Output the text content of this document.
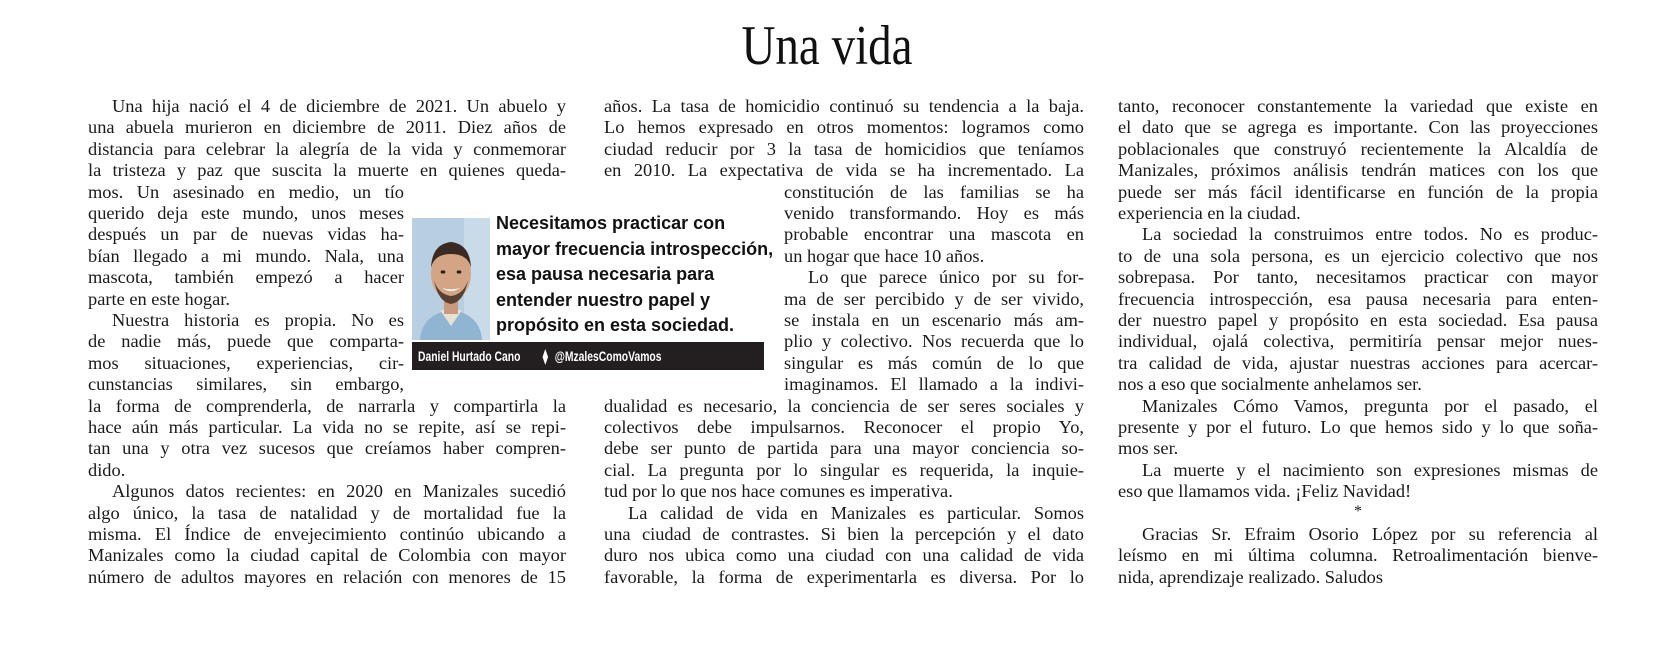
Una vida
Una hija nació el 4 de diciembre de 2021. Un abuelo y
una abuela murieron en diciembre de 2011. Diez años de
distancia para celebrar la alegría de la vida y conmemorar
la tristeza y paz que suscita la muerte en quienes queda-
mos. Un asesinado en medio, un tío
querido deja este mundo, unos meses
después un par de nuevas vidas ha-
bían llegado a mi mundo. Nala, una
mascota, también empezó a hacer
parte en este hogar.
Nuestra historia es propia. No es
de nadie más, puede que comparta-
mos situaciones, experiencias, cir-
cunstancias similares, sin embargo,
la forma de comprenderla, de narrarla y compartirla la
hace aún más particular. La vida no se repite, así se repi-
tan una y otra vez sucesos que creíamos haber compren-
dido.
Algunos datos recientes: en 2020 en Manizales sucedió
algo único, la tasa de natalidad y de mortalidad fue la
misma. El Índice de envejecimiento continúo ubicando a
Manizales como la ciudad capital de Colombia con mayor
número de adultos mayores en relación con menores de 15
años. La tasa de homicidio continuó su tendencia a la baja.
Lo hemos expresado en otros momentos: logramos como
ciudad reducir por 3 la tasa de homicidios que teníamos
en 2010. La expectativa de vida se ha incrementado. La
constitución de las familias se ha
venido transformando. Hoy es más
probable encontrar una mascota en
un hogar que hace 10 años.
Lo que parece único por su for-
ma de ser percibido y de ser vivido,
se instala en un escenario más am-
plio y colectivo. Nos recuerda que lo
singular es más común de lo que
imaginamos. El llamado a la indivi-
dualidad es necesario, la conciencia de ser seres sociales y
colectivos debe impulsarnos. Reconocer el propio Yo,
debe ser punto de partida para una mayor conciencia so-
cial. La pregunta por lo singular es requerida, la inquie-
tud por lo que nos hace comunes es imperativa.
La calidad de vida en Manizales es particular. Somos
una ciudad de contrastes. Si bien la percepción y el dato
duro nos ubica como una ciudad con una calidad de vida
favorable, la forma de experimentarla es diversa. Por lo
tanto, reconocer constantemente la variedad que existe en
el dato que se agrega es importante. Con las proyecciones
poblacionales que construyó recientemente la Alcaldía de
Manizales, próximos análisis tendrán matices con los que
puede ser más fácil identificarse en función de la propia
experiencia en la ciudad.
La sociedad la construimos entre todos. No es produc-
to de una sola persona, es un ejercicio colectivo que nos
sobrepasa. Por tanto, necesitamos practicar con mayor
frecuencia introspección, esa pausa necesaria para enten-
der nuestro papel y propósito en esta sociedad. Esa pausa
individual, ojalá colectiva, permitiría pensar mejor nues-
tra calidad de vida, ajustar nuestras acciones para acercar-
nos a eso que socialmente anhelamos ser.
Manizales Cómo Vamos, pregunta por el pasado, el
presente y por el futuro. Lo que hemos sido y lo que soña-
mos ser.
La muerte y el nacimiento son expresiones mismas de
eso que llamamos vida. ¡Feliz Navidad!
*
Gracias Sr. Efraim Osorio López por su referencia al
leísmo en mi última columna. Retroalimentación bienve-
nida, aprendizaje realizado. Saludos
Necesitamos practicar con
mayor frecuencia introspección,
esa pausa necesaria para
entender nuestro papel y
propósito en esta sociedad.
Daniel Hurtado Cano ⧫ @MzalesComoVamos
